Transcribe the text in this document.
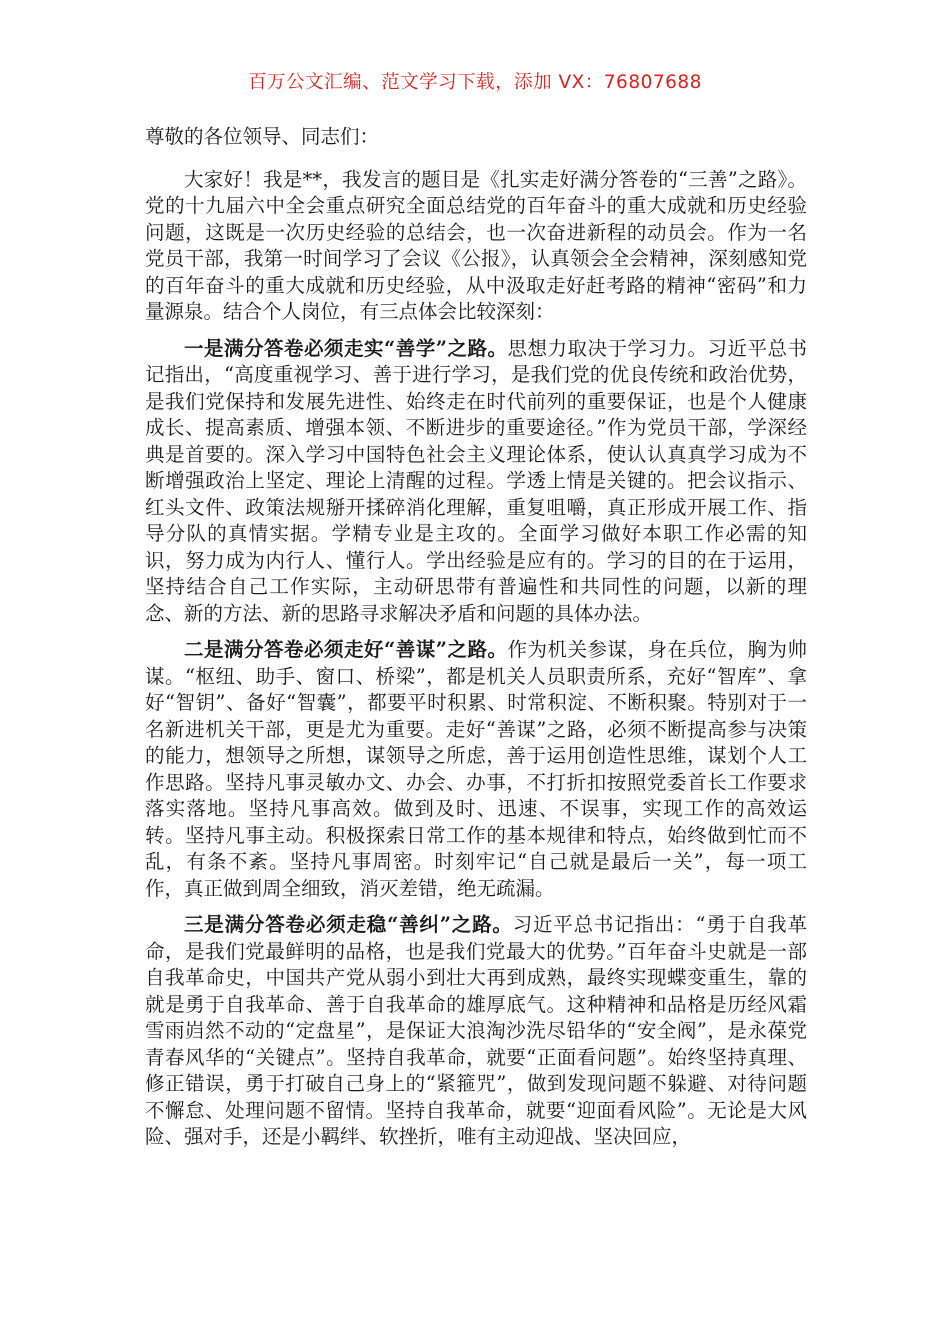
百万公文汇编、范文学习下载，添加 VX：76807688

尊敬的各位领导、同志们：

大家好！我是**，我发言的题目是《扎实走好满分答卷的“三善”之路》。党的十九届六中全会重点研究全面总结党的百年奋斗的重大成就和历史经验问题，这既是一次历史经验的总结会，也一次奋进新程的动员会。作为一名党员干部，我第一时间学习了会议《公报》，认真领会全会精神，深刻感知党的百年奋斗的重大成就和历史经验，从中汲取走好赶考路的精神“密码”和力量源泉。结合个人岗位，有三点体会比较深刻：

一是满分答卷必须走实“善学”之路。思想力取决于学习力。习近平总书记指出，“高度重视学习、善于进行学习，是我们党的优良传统和政治优势，是我们党保持和发展先进性、始终走在时代前列的重要保证，也是个人健康成长、提高素质、增强本领、不断进步的重要途径。”作为党员干部，学深经典是首要的。深入学习中国特色社会主义理论体系，使认认真真学习成为不断增强政治上坚定、理论上清醒的过程。学透上情是关键的。把会议指示、红头文件、政策法规掰开揉碎消化理解，重复咀嚼，真正形成开展工作、指导分队的真情实据。学精专业是主攻的。全面学习做好本职工作必需的知识，努力成为内行人、懂行人。学出经验是应有的。学习的目的在于运用，坚持结合自己工作实际，主动研思带有普遍性和共同性的问题，以新的理念、新的方法、新的思路寻求解决矛盾和问题的具体办法。

二是满分答卷必须走好“善谋”之路。作为机关参谋，身在兵位，胸为帅谋。“枢纽、助手、窗口、桥梁”，都是机关人员职责所系，充好“智库”、拿好“智钥”、备好“智囊”，都要平时积累、时常积淀、不断积聚。特别对于一名新进机关干部，更是尤为重要。走好“善谋”之路，必须不断提高参与决策的能力，想领导之所想，谋领导之所虑，善于运用创造性思维，谋划个人工作思路。坚持凡事灵敏办文、办会、办事，不打折扣按照党委首长工作要求落实落地。坚持凡事高效。做到及时、迅速、不误事，实现工作的高效运转。坚持凡事主动。积极探索日常工作的基本规律和特点，始终做到忙而不乱，有条不紊。坚持凡事周密。时刻牢记“自己就是最后一关”，每一项工作，真正做到周全细致，消灭差错，绝无疏漏。

三是满分答卷必须走稳“善纠”之路。习近平总书记指出：“勇于自我革命，是我们党最鲜明的品格，也是我们党最大的优势。”百年奋斗史就是一部自我革命史，中国共产党从弱小到壮大再到成熟，最终实现蝶变重生，靠的就是勇于自我革命、善于自我革命的雄厚底气。这种精神和品格是历经风霜雪雨岿然不动的“定盘星”，是保证大浪淘沙洗尽铅华的“安全阀”，是永葆党青春风华的“关键点”。坚持自我革命，就要“正面看问题”。始终坚持真理、修正错误，勇于打破自己身上的“紧箍咒”，做到发现问题不躲避、对待问题不懈怠、处理问题不留情。坚持自我革命，就要“迎面看风险”。无论是大风险、强对手，还是小羁绊、软挫折，唯有主动迎战、坚决回应，
